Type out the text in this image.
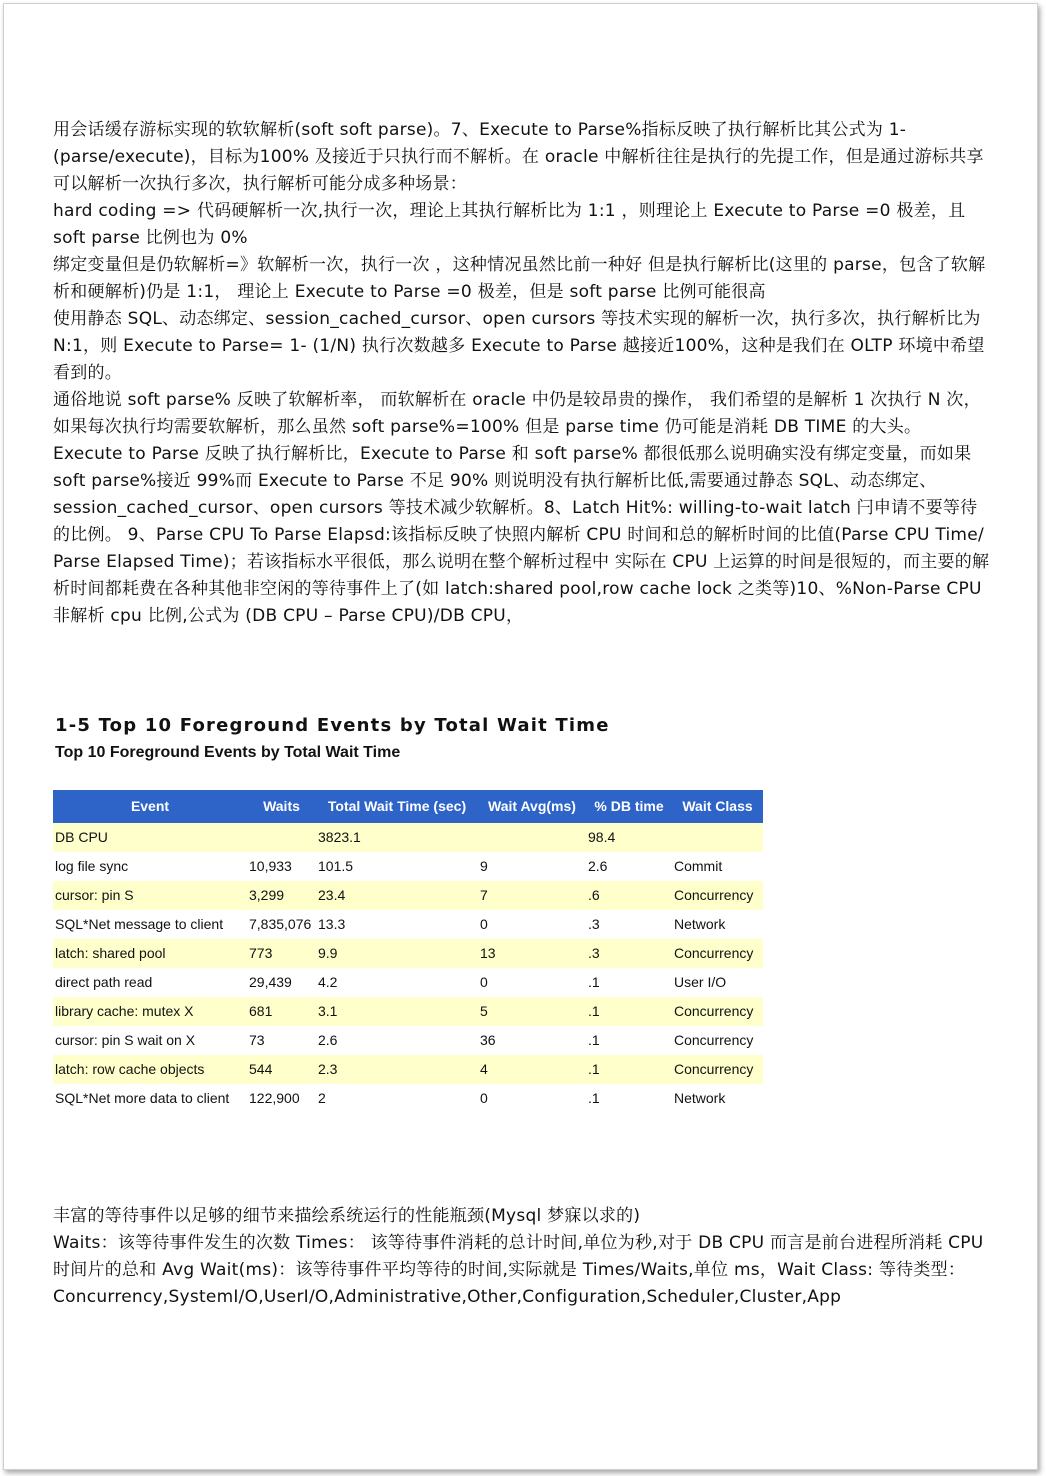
用会话缓存游标实现的软软解析(soft soft parse)。7、Execute to Parse%指标反映了执行解析比其公式为 1-(parse/execute)，目标为100% 及接近于只执行而不解析。在 oracle 中解析往往是执行的先提工作，但是通过游标共享可以解析一次执行多次，执行解析可能分成多种场景：

hard coding => 代码硬解析一次,执行一次，理论上其执行解析比为 1:1 ，则理论上 Execute to Parse =0 极差，且 soft parse 比例也为 0%

绑定变量但是仍软解析=》软解析一次，执行一次 ，这种情况虽然比前一种好 但是执行解析比(这里的 parse，包含了软解析和硬解析)仍是 1:1， 理论上 Execute to Parse =0 极差，但是 soft parse 比例可能很高

使用静态 SQL、动态绑定、session_cached_cursor、open cursors 等技术实现的解析一次，执行多次，执行解析比为 N:1，则 Execute to Parse= 1- (1/N) 执行次数越多 Execute to Parse 越接近100%，这种是我们在 OLTP 环境中希望看到的。

通俗地说 soft parse% 反映了软解析率， 而软解析在 oracle 中仍是较昂贵的操作， 我们希望的是解析 1 次执行 N 次，如果每次执行均需要软解析，那么虽然 soft parse%=100% 但是 parse time 仍可能是消耗 DB TIME 的大头。

Execute to Parse 反映了执行解析比，Execute to Parse 和 soft parse% 都很低那么说明确实没有绑定变量，而如果 soft parse%接近 99%而 Execute to Parse 不足 90% 则说明没有执行解析比低,需要通过静态 SQL、动态绑定、session_cached_cursor、open cursors 等技术减少软解析。8、Latch Hit%: willing-to-wait latch 闩申请不要等待的比例。 9、Parse CPU To Parse Elapsd:该指标反映了快照内解析 CPU 时间和总的解析时间的比值(Parse CPU Time/ Parse Elapsed Time)；若该指标水平很低，那么说明在整个解析过程中 实际在 CPU 上运算的时间是很短的，而主要的解析时间都耗费在各种其他非空闲的等待事件上了(如 latch:shared pool,row cache lock 之类等)10、%Non-Parse CPU 非解析 cpu 比例,公式为 (DB CPU – Parse CPU)/DB CPU，

1-5 Top 10 Foreground Events by Total Wait Time
Top 10 Foreground Events by Total Wait Time
Event	Waits	Total Wait Time (sec)	Wait Avg(ms)	% DB time	Wait Class
DB CPU		3823.1		98.4	
log file sync	10,933	101.5	9	2.6	Commit
cursor: pin S	3,299	23.4	7	.6	Concurrency
SQL*Net message to client	7,835,076	13.3	0	.3	Network
latch: shared pool	773	9.9	13	.3	Concurrency
direct path read	29,439	4.2	0	.1	User I/O
library cache: mutex X	681	3.1	5	.1	Concurrency
cursor: pin S wait on X	73	2.6	36	.1	Concurrency
latch: row cache objects	544	2.3	4	.1	Concurrency
SQL*Net more data to client	122,900	2	0	.1	Network

丰富的等待事件以足够的细节来描绘系统运行的性能瓶颈(Mysql 梦寐以求的)

Waits：该等待事件发生的次数 Times： 该等待事件消耗的总计时间,单位为秒,对于 DB CPU 而言是前台进程所消耗 CPU 时间片的总和 Avg Wait(ms)：该等待事件平均等待的时间,实际就是 Times/Waits,单位 ms，Wait Class: 等待类型：

Concurrency,SystemI/O,UserI/O,Administrative,Other,Configuration,Scheduler,Cluster,App
